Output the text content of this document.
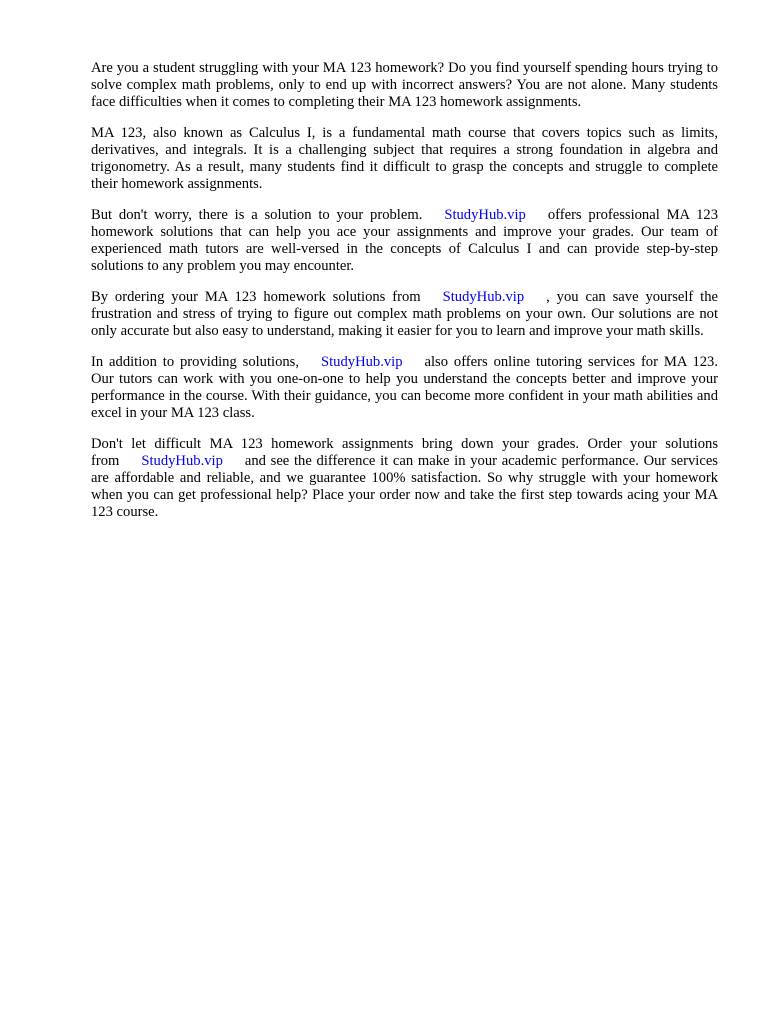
Are you a student struggling with your MA 123 homework? Do you find yourself spending hours trying to solve complex math problems, only to end up with incorrect answers? You are not alone. Many students face difficulties when it comes to completing their MA 123 homework assignments.

MA 123, also known as Calculus I, is a fundamental math course that covers topics such as limits, derivatives, and integrals. It is a challenging subject that requires a strong foundation in algebra and trigonometry. As a result, many students find it difficult to grasp the concepts and struggle to complete their homework assignments.

But don't worry, there is a solution to your problem. StudyHub.vip offers professional MA 123 homework solutions that can help you ace your assignments and improve your grades. Our team of experienced math tutors are well-versed in the concepts of Calculus I and can provide step-by-step solutions to any problem you may encounter.

By ordering your MA 123 homework solutions from StudyHub.vip , you can save yourself the frustration and stress of trying to figure out complex math problems on your own. Our solutions are not only accurate but also easy to understand, making it easier for you to learn and improve your math skills.

In addition to providing solutions, StudyHub.vip also offers online tutoring services for MA 123. Our tutors can work with you one-on-one to help you understand the concepts better and improve your performance in the course. With their guidance, you can become more confident in your math abilities and excel in your MA 123 class.

Don't let difficult MA 123 homework assignments bring down your grades. Order your solutions from StudyHub.vip and see the difference it can make in your academic performance. Our services are affordable and reliable, and we guarantee 100% satisfaction. So why struggle with your homework when you can get professional help? Place your order now and take the first step towards acing your MA 123 course.
